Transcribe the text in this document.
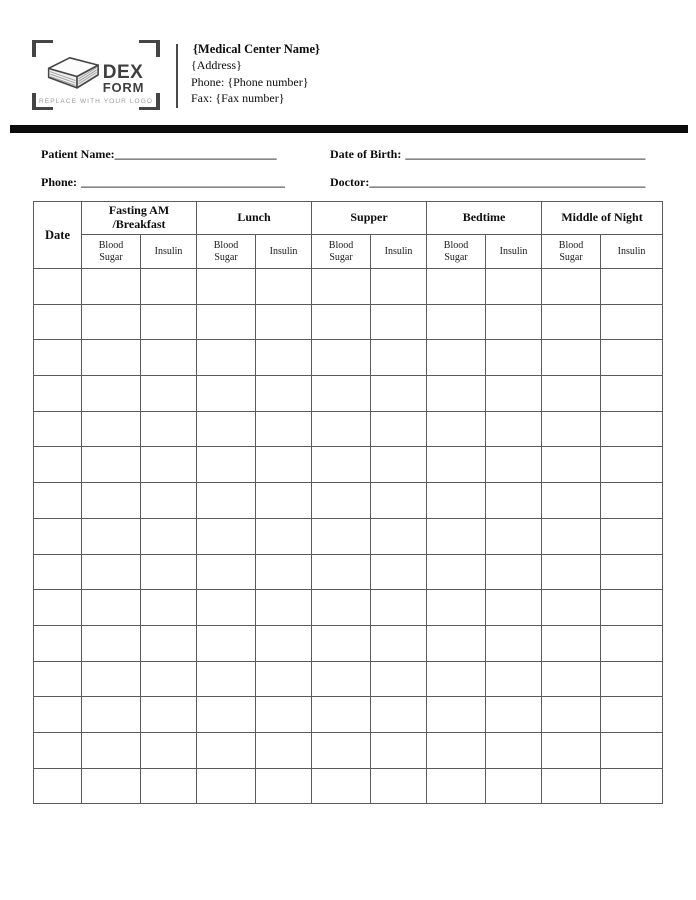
DEX
FORM
REPLACE WITH YOUR LOGO
{Medical Center Name}
{Address}
Phone: {Phone number}
Fax: {Fax number}
Patient Name:___________________________	Date of Birth: ________________________________________
Phone: __________________________________	Doctor:______________________________________________
Date	Fasting AM /Breakfast		Lunch		Supper		Bedtime		Middle of Night	
	Blood Sugar	Insulin	Blood Sugar	Insulin	Blood Sugar	Insulin	Blood Sugar	Insulin	Blood Sugar	Insulin
